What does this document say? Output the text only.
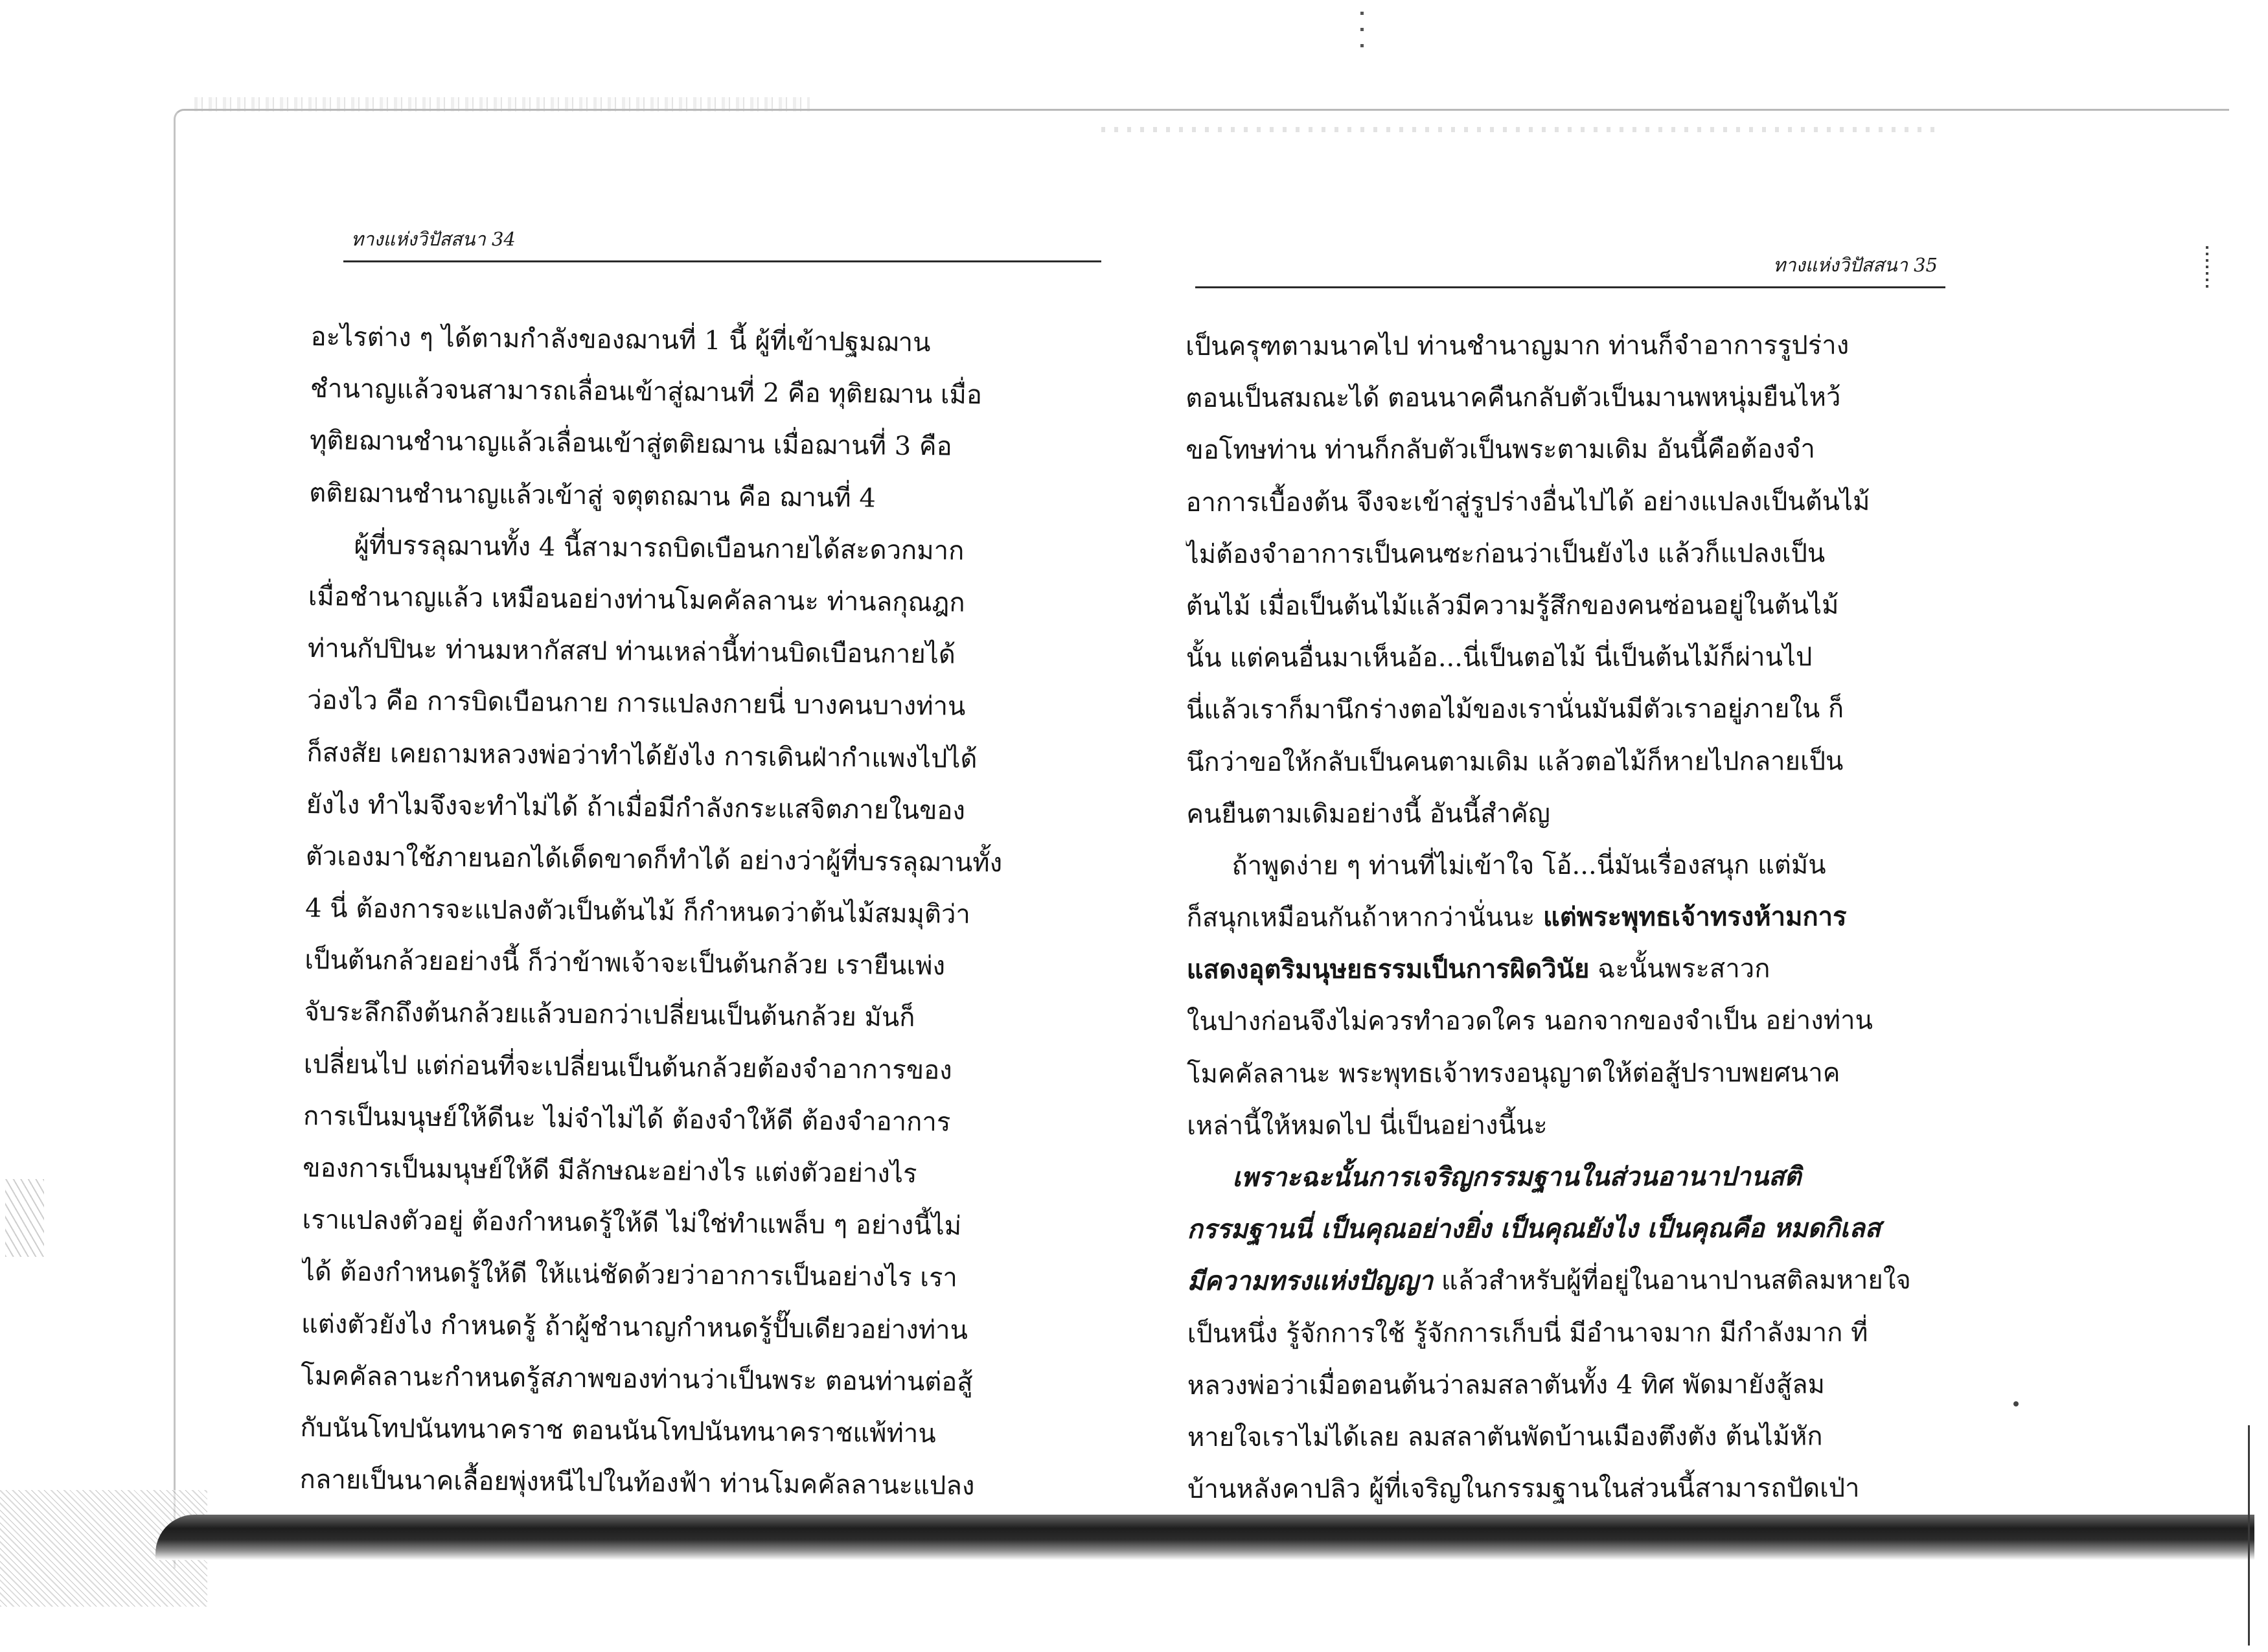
ทางแห่งวิปัสสนา 34
อะไรต่าง ๆ ได้ตามกำลังของฌานที่ 1 นี้ ผู้ที่เข้าปฐมฌาน
ชำนาญแล้วจนสามารถเลื่อนเข้าสู่ฌานที่ 2 คือ ทุติยฌาน เมื่อ
ทุติยฌานชำนาญแล้วเลื่อนเข้าสู่ตติยฌาน เมื่อฌานที่ 3 คือ
ตติยฌานชำนาญแล้วเข้าสู่ จตุตถฌาน คือ ฌานที่ 4
ผู้ที่บรรลุฌานทั้ง 4 นี้สามารถบิดเบือนกายได้สะดวกมาก
เมื่อชำนาญแล้ว เหมือนอย่างท่านโมคคัลลานะ ท่านลกุณฎก
ท่านกัปปินะ ท่านมหากัสสป ท่านเหล่านี้ท่านบิดเบือนกายได้
ว่องไว คือ การบิดเบือนกาย การแปลงกายนี่ บางคนบางท่าน
ก็สงสัย เคยถามหลวงพ่อว่าทำได้ยังไง การเดินฝ่ากำแพงไปได้
ยังไง ทำไมจึงจะทำไม่ได้ ถ้าเมื่อมีกำลังกระแสจิตภายในของ
ตัวเองมาใช้ภายนอกได้เด็ดขาดก็ทำได้ อย่างว่าผู้ที่บรรลุฌานทั้ง
4 นี่ ต้องการจะแปลงตัวเป็นต้นไม้ ก็กำหนดว่าต้นไม้สมมุติว่า
เป็นต้นกล้วยอย่างนี้ ก็ว่าข้าพเจ้าจะเป็นต้นกล้วย เรายืนเพ่ง
จับระลึกถึงต้นกล้วยแล้วบอกว่าเปลี่ยนเป็นต้นกล้วย มันก็
เปลี่ยนไป แต่ก่อนที่จะเปลี่ยนเป็นต้นกล้วยต้องจำอาการของ
การเป็นมนุษย์ให้ดีนะ ไม่จำไม่ได้ ต้องจำให้ดี ต้องจำอาการ
ของการเป็นมนุษย์ให้ดี มีลักษณะอย่างไร แต่งตัวอย่างไร
เราแปลงตัวอยู่ ต้องกำหนดรู้ให้ดี ไม่ใช่ทำแพล็บ ๆ อย่างนี้ไม่
ได้ ต้องกำหนดรู้ให้ดี ให้แน่ชัดด้วยว่าอาการเป็นอย่างไร เรา
แต่งตัวยังไง กำหนดรู้ ถ้าผู้ชำนาญกำหนดรู้ปั๊บเดียวอย่างท่าน
โมคคัลลานะกำหนดรู้สภาพของท่านว่าเป็นพระ ตอนท่านต่อสู้
กับนันโทปนันทนาคราช ตอนนันโทปนันทนาคราชแพ้ท่าน
กลายเป็นนาคเลื้อยพุ่งหนีไปในท้องฟ้า ท่านโมคคัลลานะแปลง
ทางแห่งวิปัสสนา 35
เป็นครุฑตามนาคไป ท่านชำนาญมาก ท่านก็จำอาการรูปร่าง
ตอนเป็นสมณะได้ ตอนนาคคืนกลับตัวเป็นมานพหนุ่มยืนไหว้
ขอโทษท่าน ท่านก็กลับตัวเป็นพระตามเดิม อันนี้คือต้องจำ
อาการเบื้องต้น จึงจะเข้าสู่รูปร่างอื่นไปได้ อย่างแปลงเป็นต้นไม้
ไม่ต้องจำอาการเป็นคนซะก่อนว่าเป็นยังไง แล้วก็แปลงเป็น
ต้นไม้ เมื่อเป็นต้นไม้แล้วมีความรู้สึกของคนซ่อนอยู่ในต้นไม้
นั้น แต่คนอื่นมาเห็นอ้อ...นี่เป็นตอไม้ นี่เป็นต้นไม้ก็ผ่านไป
นี่แล้วเราก็มานึกร่างตอไม้ของเรานั่นมันมีตัวเราอยู่ภายใน ก็
นึกว่าขอให้กลับเป็นคนตามเดิม แล้วตอไม้ก็หายไปกลายเป็น
คนยืนตามเดิมอย่างนี้ อันนี้สำคัญ
ถ้าพูดง่าย ๆ ท่านที่ไม่เข้าใจ โอ้...นี่มันเรื่องสนุก แต่มัน
ก็สนุกเหมือนกันถ้าหากว่านั่นนะ แต่พระพุทธเจ้าทรงห้ามการ
แสดงอุตริมนุษยธรรมเป็นการผิดวินัย ฉะนั้นพระสาวก
ในปางก่อนจึงไม่ควรทำอวดใคร นอกจากของจำเป็น อย่างท่าน
โมคคัลลานะ พระพุทธเจ้าทรงอนุญาตให้ต่อสู้ปราบพยศนาค
เหล่านี้ให้หมดไป นี่เป็นอย่างนี้นะ
เพราะฉะนั้นการเจริญกรรมฐานในส่วนอานาปานสติ
กรรมฐานนี่ เป็นคุณอย่างยิ่ง เป็นคุณยังไง เป็นคุณคือ หมดกิเลส
มีความทรงแห่งปัญญา แล้วสำหรับผู้ที่อยู่ในอานาปานสติลมหายใจ
เป็นหนึ่ง รู้จักการใช้ รู้จักการเก็บนี่ มีอำนาจมาก มีกำลังมาก ที่
หลวงพ่อว่าเมื่อตอนต้นว่าลมสลาตันทั้ง 4 ทิศ พัดมายังสู้ลม
หายใจเราไม่ได้เลย ลมสลาตันพัดบ้านเมืองตึงตัง ต้นไม้หัก
บ้านหลังคาปลิว ผู้ที่เจริญในกรรมฐานในส่วนนี้สามารถปัดเป่า
